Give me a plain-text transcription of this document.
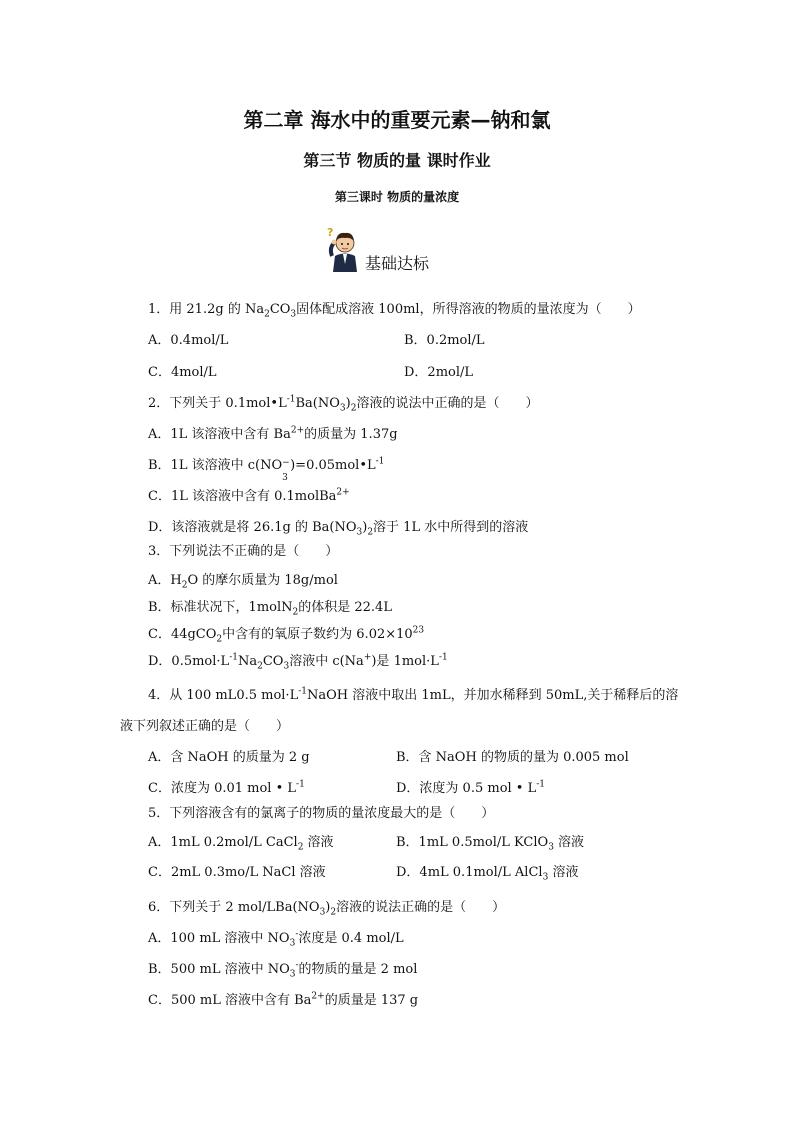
第二章 海水中的重要元素—钠和氯
第三节 物质的量 课时作业
第三课时 物质的量浓度
?
基础达标
1．用 21.2g 的 $Na_2CO_3$固体配成溶液 100ml，所得溶液的物质的量浓度为（　　）
A．0.4mol/L	B．0.2mol/L
C．4mol/L	D．2mol/L
2．下列关于 $0.1mol•L^{-1}Ba(NO_3)_2$溶液的说法中正确的是（　　）
A．1L 该溶液中含有 $Ba^{2+}$的质量为 1.37g
B．1L 该溶液中 c(NO −
3
)$=0.05mol•L^{-1}$
C．1L 该溶液中含有 0.1molBa$^{2+}$
D．该溶液就是将 26.1g 的 $Ba(NO_3)_2$溶于 1L 水中所得到的溶液
3．下列说法不正确的是（　　）
A．$H_2O$ 的摩尔质量为 18g/mol
B．标准状况下，1molN$_2$的体积是 22.4L
C．44gCO$_2$中含有的氧原子数约为 $6.02\times 10^{23}$
D．$0.5mol\cdot L^{-1}Na_2CO_3$溶液中 c(Na+)是 $1mol\cdot L^{-1}$
4．从 100 mL0.5 $mol\cdot L^{-1}NaOH$ 溶液中取出 1mL，并加水稀释到 50mL,关于稀释后的溶
液下列叙述正确的是（　　）
A．含 NaOH 的质量为 2 g	B．含 NaOH 的物质的量为 0.005 mol
C．浓度为 0.01 mol • $L^{-1}$	D．浓度为 0.5 mol • $L^{-1}$
5．下列溶液含有的氯离子的物质的量浓度最大的是（　　）
A．1mL 0.2mol/L CaCl$_2$ 溶液	B．1mL 0.5mol/L KClO$_3$ 溶液
C．2mL 0.3mo/L NaCl 溶液	D．4mL 0.1mol/L AlCl$_3$ 溶液
6．下列关于 2 mol/$LBa(NO_3)_2$溶液的说法正确的是（　　）
A．100 mL 溶液中 $NO_3^-$浓度是 0.4 mol/L
B．500 mL 溶液中 $NO_3^-$的物质的量是 2 mol
C．500 mL 溶液中含有 $Ba^{2+}$的质量是 137 g
